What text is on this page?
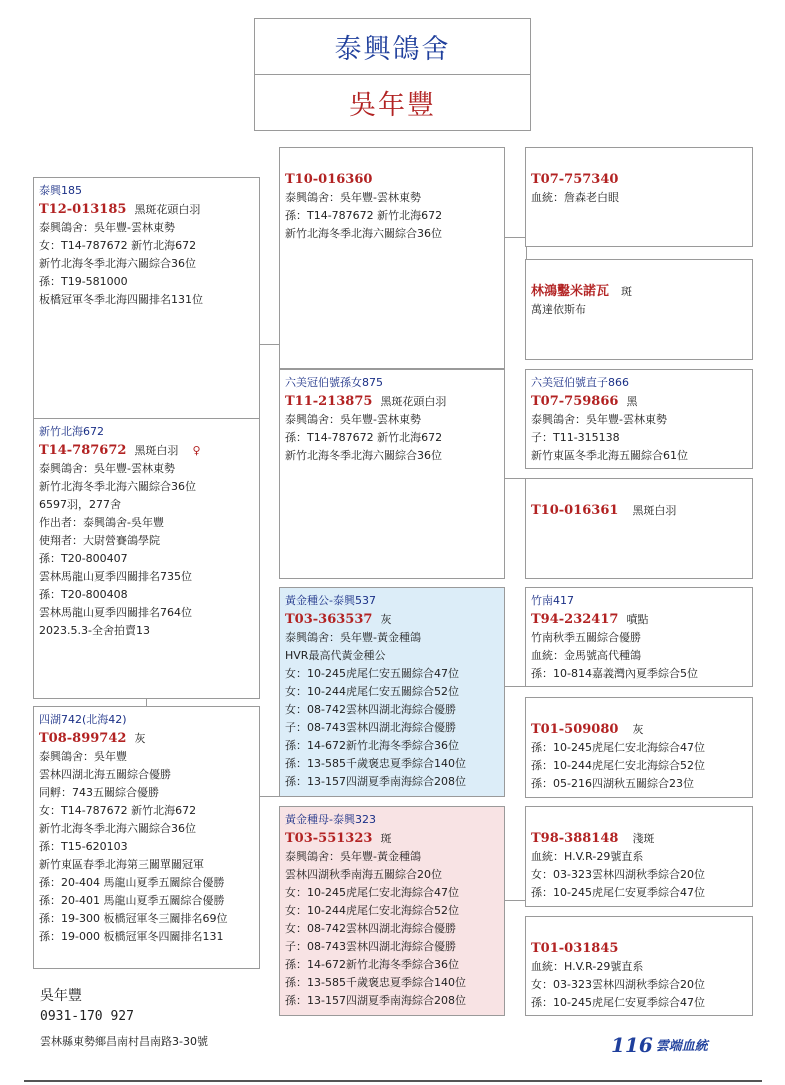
泰興鴿舍
吳年豐
泰興185
T12-013185 黑斑花頭白羽
泰興鴿舍：吳年豐-雲林東勢
女：T14-787672 新竹北海672
新竹北海冬季北海六關綜合36位
孫：T19-581000
板橋冠軍冬季北海四關排名131位
新竹北海672
T14-787672 黑斑白羽 ♀
泰興鴿舍：吳年豐-雲林東勢
新竹北海冬季北海六關綜合36位
6597羽，277舍
作出者：泰興鴿舍-吳年豐
使翔者：大尉營賽鴿學院
孫：T20-800407
雲林馬龍山夏季四關排名735位
孫：T20-800408
雲林馬龍山夏季四關排名764位
2023.5.3-全舍拍賣13
四湖742(北海42)
T08-899742 灰
泰興鴿舍：吳年豐
雲林四湖北海五關綜合優勝
同孵：743五關綜合優勝
女：T14-787672 新竹北海672
新竹北海冬季北海六關綜合36位
孫：T15-620103
新竹東區春季北海第三關單關冠軍
孫：20-404 馬龍山夏季五關綜合優勝
孫：20-401 馬龍山夏季五關綜合優勝
孫：19-300 板橋冠軍冬三關排名69位
孫：19-000 板橋冠軍冬四關排名131
T10-016360
泰興鴿舍：吳年豐-雲林東勢
孫：T14-787672 新竹北海672
新竹北海冬季北海六關綜合36位
六美冠伯號孫女875
T11-213875 黑斑花頭白羽
泰興鴿舍：吳年豐-雲林東勢
孫：T14-787672 新竹北海672
新竹北海冬季北海六關綜合36位
黃金種公-泰興537
T03-363537 灰
泰興鴿舍：吳年豐-黃金種鴿
HVR最高代黃金種公
女：10-245虎尾仁安五關綜合47位
女：10-244虎尾仁安五關綜合52位
女：08-742雲林四湖北海綜合優勝
子：08-743雲林四湖北海綜合優勝
孫：14-672新竹北海冬季綜合36位
孫：13-585千歲褒忠夏季綜合140位
孫：13-157四湖夏季南海綜合208位
黃金種母-泰興323
T03-551323 斑
泰興鴿舍：吳年豐-黃金種鴿
雲林四湖秋季南海五關綜合20位
女：10-245虎尾仁安北海綜合47位
女：10-244虎尾仁安北海綜合52位
女：08-742雲林四湖北海綜合優勝
子：08-743雲林四湖北海綜合優勝
孫：14-672新竹北海冬季綜合36位
孫：13-585千歲褒忠夏季綜合140位
孫：13-157四湖夏季南海綜合208位
T07-757340
血統：詹森老白眼
林鴻鑿米諾瓦 斑
萬達依斯布
六美冠伯號直子866
T07-759866 黑
泰興鴿舍：吳年豐-雲林東勢
子：T11-315138
新竹東區冬季北海五關綜合61位
T10-016361 黑斑白羽
竹南417
T94-232417 噴點
竹南秋季五關綜合優勝
血統：金馬號高代種鴿
孫：10-814嘉義灣內夏季綜合5位
T01-509080 灰
孫：10-245虎尾仁安北海綜合47位
孫：10-244虎尾仁安北海綜合52位
孫：05-216四湖秋五關綜合23位
T98-388148 淺斑
血統：H.V.R-29號直系
女：03-323雲林四湖秋季綜合20位
孫：10-245虎尾仁安夏季綜合47位
T01-031845
血統：H.V.R-29號直系
女：03-323雲林四湖秋季綜合20位
孫：10-245虎尾仁安夏季綜合47位
吳年豐
0931-170 927
雲林縣東勢鄉昌南村昌南路3-30號	116 雲端血統
